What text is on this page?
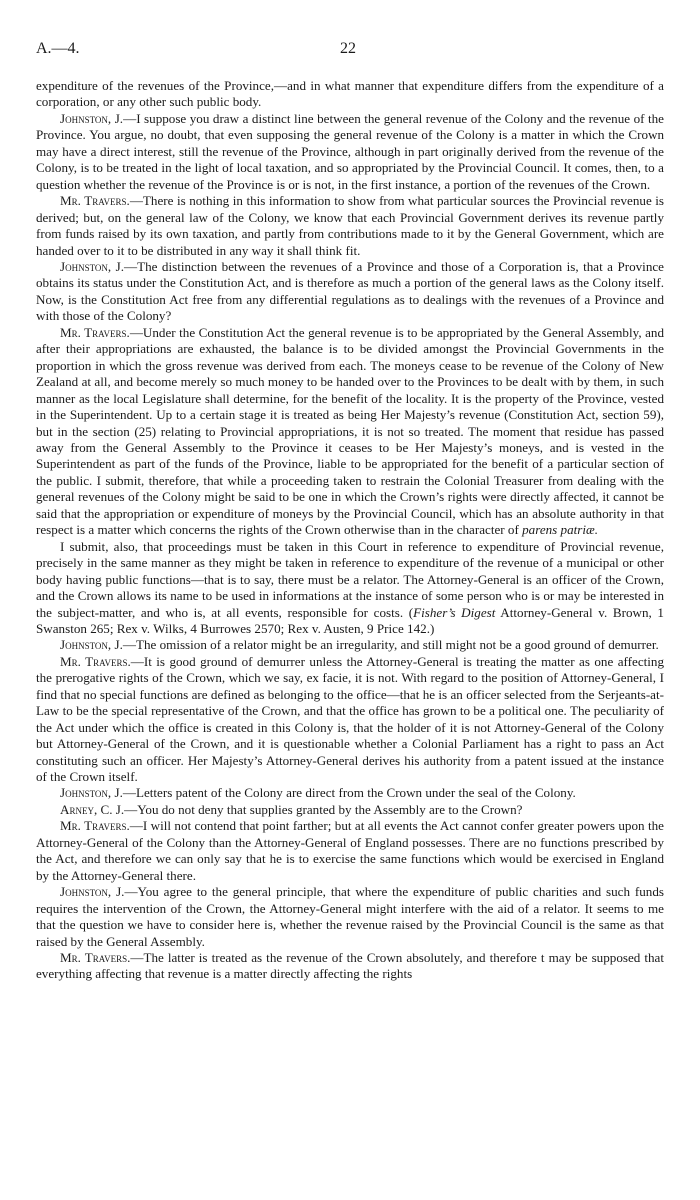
A.—4.	22

expenditure of the revenues of the Province,—and in what manner that expenditure differs from the expenditure of a corporation, or any other such public body.

Johnston, J.—I suppose you draw a distinct line between the general revenue of the Colony and the revenue of the Province. You argue, no doubt, that even supposing the general revenue of the Colony is a matter in which the Crown may have a direct interest, still the revenue of the Province, although in part originally derived from the revenue of the Colony, is to be treated in the light of local taxation, and so appropriated by the Provincial Council. It comes, then, to a question whether the revenue of the Province is or is not, in the first instance, a portion of the revenues of the Crown.

Mr. Travers.—There is nothing in this information to show from what particular sources the Provincial revenue is derived; but, on the general law of the Colony, we know that each Provincial Government derives its revenue partly from funds raised by its own taxation, and partly from contributions made to it by the General Government, which are handed over to it to be distributed in any way it shall think fit.

Johnston, J.—The distinction between the revenues of a Province and those of a Corporation is, that a Province obtains its status under the Constitution Act, and is therefore as much a portion of the general laws as the Colony itself. Now, is the Constitution Act free from any differential regulations as to dealings with the revenues of a Province and with those of the Colony?

Mr. Travers.—Under the Constitution Act the general revenue is to be appropriated by the General Assembly, and after their appropriations are exhausted, the balance is to be divided amongst the Provincial Governments in the proportion in which the gross revenue was derived from each. The moneys cease to be revenue of the Colony of New Zealand at all, and become merely so much money to be handed over to the Provinces to be dealt with by them, in such manner as the local Legislature shall determine, for the benefit of the locality. It is the property of the Province, vested in the Superintendent. Up to a certain stage it is treated as being Her Majesty’s revenue (Constitution Act, section 59), but in the section (25) relating to Provincial appropriations, it is not so treated. The moment that residue has passed away from the General Assembly to the Province it ceases to be Her Majesty’s moneys, and is vested in the Superintendent as part of the funds of the Province, liable to be appropriated for the benefit of a particular section of the public. I submit, therefore, that while a proceeding taken to restrain the Colonial Treasurer from dealing with the general revenues of the Colony might be said to be one in which the Crown’s rights were directly affected, it cannot be said that the appropriation or expenditure of moneys by the Provincial Council, which has an absolute authority in that respect is a matter which concerns the rights of the Crown otherwise than in the character of parens patriæ.

I submit, also, that proceedings must be taken in this Court in reference to expenditure of Provincial revenue, precisely in the same manner as they might be taken in reference to expenditure of the revenue of a municipal or other body having public functions—that is to say, there must be a relator. The Attorney-General is an officer of the Crown, and the Crown allows its name to be used in informations at the instance of some person who is or may be interested in the subject-matter, and who is, at all events, responsible for costs. (Fisher’s Digest Attorney-General v. Brown, 1 Swanston 265; Rex v. Wilks, 4 Burrowes 2570; Rex v. Austen, 9 Price 142.)

Johnston, J.—The omission of a relator might be an irregularity, and still might not be a good ground of demurrer.

Mr. Travers.—It is good ground of demurrer unless the Attorney-General is treating the matter as one affecting the prerogative rights of the Crown, which we say, ex facie, it is not. With regard to the position of Attorney-General, I find that no special functions are defined as belonging to the office—that he is an officer selected from the Serjeants-at-Law to be the special representative of the Crown, and that the office has grown to be a political one. The peculiarity of the Act under which the office is created in this Colony is, that the holder of it is not Attorney-General of the Colony but Attorney-General of the Crown, and it is questionable whether a Colonial Parliament has a right to pass an Act constituting such an officer. Her Majesty’s Attorney-General derives his authority from a patent issued at the instance of the Crown itself.

Johnston, J.—Letters patent of the Colony are direct from the Crown under the seal of the Colony.

Arney, C. J.—You do not deny that supplies granted by the Assembly are to the Crown?

Mr. Travers.—I will not contend that point farther; but at all events the Act cannot confer greater powers upon the Attorney-General of the Colony than the Attorney-General of England possesses. There are no functions prescribed by the Act, and therefore we can only say that he is to exercise the same functions which would be exercised in England by the Attorney-General there.

Johnston, J.—You agree to the general principle, that where the expenditure of public charities and such funds requires the intervention of the Crown, the Attorney-General might interfere with the aid of a relator. It seems to me that the question we have to consider here is, whether the revenue raised by the Provincial Council is the same as that raised by the General Assembly.

Mr. Travers.—The latter is treated as the revenue of the Crown absolutely, and therefore t may be supposed that everything affecting that revenue is a matter directly affecting the rights
